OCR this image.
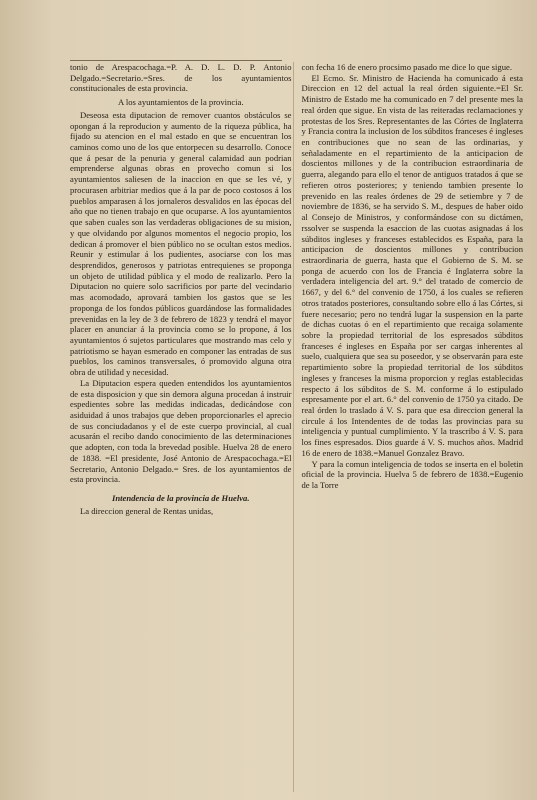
tonio de Arespacochaga.=P. A. D. L. D. P. Antonio Delgado.=Secretario.=Sres. de los ayuntamientos constitucionales de esta provincia.

A los ayuntamientos de la provincia.

Deseosa esta diputacion de remover cuantos obstáculos se opongan á la reproducion y aumento de la riqueza pública, ha fijado su atencion en el mal estado en que se encuentran los caminos como uno de los que entorpecen su desarrollo. Conoce que á pesar de la penuria y general calamidad aun podrian emprenderse algunas obras en provecho comun si los ayuntamientos saliesen de la inaccion en que se les vé, y procurasen arbitriar medios que á la par de poco costosos á los pueblos amparasen á los jornaleros desvalidos en las épocas del año que no tienen trabajo en que ocuparse. A los ayuntamientos que saben cuales son las verdaderas obligaciones de su mision, y que olvidando por algunos momentos el negocio propio, los dedican á promover el bien público no se ocultan estos medios. Reunir y estimular á los pudientes, asociarse con los mas desprendidos, generosos y patriotas entrequienes se proponga un objeto de utilidad pública y el modo de realizarlo. Pero la Diputacion no quiere solo sacrificios por parte del vecindario mas acomodado, aprovará tambien los gastos que se les proponga de los fondos públicos guardándose las formalidades prevenidas en la ley de 3 de febrero de 1823 y tendrá el mayor placer en anunciar á la provincia como se lo propone, á los ayuntamientos ó sujetos particulares que mostrando mas celo y patriotismo se hayan esmerado en componer las entradas de sus pueblos, los caminos transversales, ó promovido alguna otra obra de utilidad y necesidad.

La Diputacion espera queden entendidos los ayuntamientos de esta disposicion y que sin demora alguna procedan á instruir espedientes sobre las medidas indicadas, dedicándose con asiduidad á unos trabajos que deben proporcionarles el aprecio de sus conciudadanos y el de este cuerpo provincial, al cual acusarán el recibo dando conocimiento de las determinaciones que adopten, con toda la brevedad posible. Huelva 28 de enero de 1838. =El presidente, José Antonio de Arespacochaga.=El Secretario, Antonio Delgado.= Sres. de los ayuntamientos de esta provincia.

Intendencia de la provincia de Huelva.

La direccion general de Rentas unidas,

con fecha 16 de enero procsimo pasado me dice lo que sigue.

El Ecmo. Sr. Ministro de Hacienda ha comunicado á esta Direccion en 12 del actual la real órden siguiente.=El Sr. Ministro de Estado me ha comunicado en 7 del presente mes la real órden que sigue. En vista de las reiteradas reclamaciones y protestas de los Sres. Representantes de las Córtes de Inglaterra y Francia contra la inclusion de los súbditos franceses é ingleses en contribuciones que no sean de las ordinarias, y señaladamente en el repartimiento de la anticipacion de doscientos millones y de la contribucion estraordinaria de guerra, alegando para ello el tenor de antiguos tratados á que se refieren otros posteriores; y teniendo tambien presente lo prevenido en las reales órdenes de 29 de setiembre y 7 de noviembre de 1836, se ha servido S. M., despues de haber oido al Consejo de Ministros, y conformándose con su dictámen, rssolver se suspenda la esaccion de las cuotas asignadas á los súbditos ingleses y franceses establecidos es España, para la anticipacion de doscientos millones y contribucion estraordinaria de guerra, hasta que el Gobierno de S. M. se ponga de acuerdo con los de Francia é Inglaterra sobre la verdadera inteligencia del art. 9.° del tratado de comercio de 1667, y del 6.° del convenio de 1750, á los cuales se refieren otros tratados posteriores, consultando sobre ello á las Córtes, si fuere necesario; pero no tendrá lugar la suspension en la parte de dichas cuotas ó en el repartimiento que recaiga solamente sobre la propiedad territorial de los espresados súbditos franceses é ingleses en España por ser cargas inherentes al suelo, cualquiera que sea su poseedor, y se observarán para este repartimiento sobre la propiedad territorial de los súbditos ingleses y franceses la misma proporcion y reglas establecidas respecto á los súbditos de S. M. conforme á lo estipulado espresamente por el art. 6.° del convenio de 1750 ya citado. De real órden lo traslado á V. S. para que esa direccion general la circule á los Intendentes de de todas las provincias para su inteligencia y puntual cumplimiento. Y la trascribo á V. S. para los fines espresados. Dios guarde á V. S. muchos años. Madrid 16 de enero de 1838.=Manuel Gonzalez Bravo.

Y para la comun inteligencia de todos se inserta en el boletin oficial de la provincia. Huelva 5 de febrero de 1838.=Eugenio de la Torre
